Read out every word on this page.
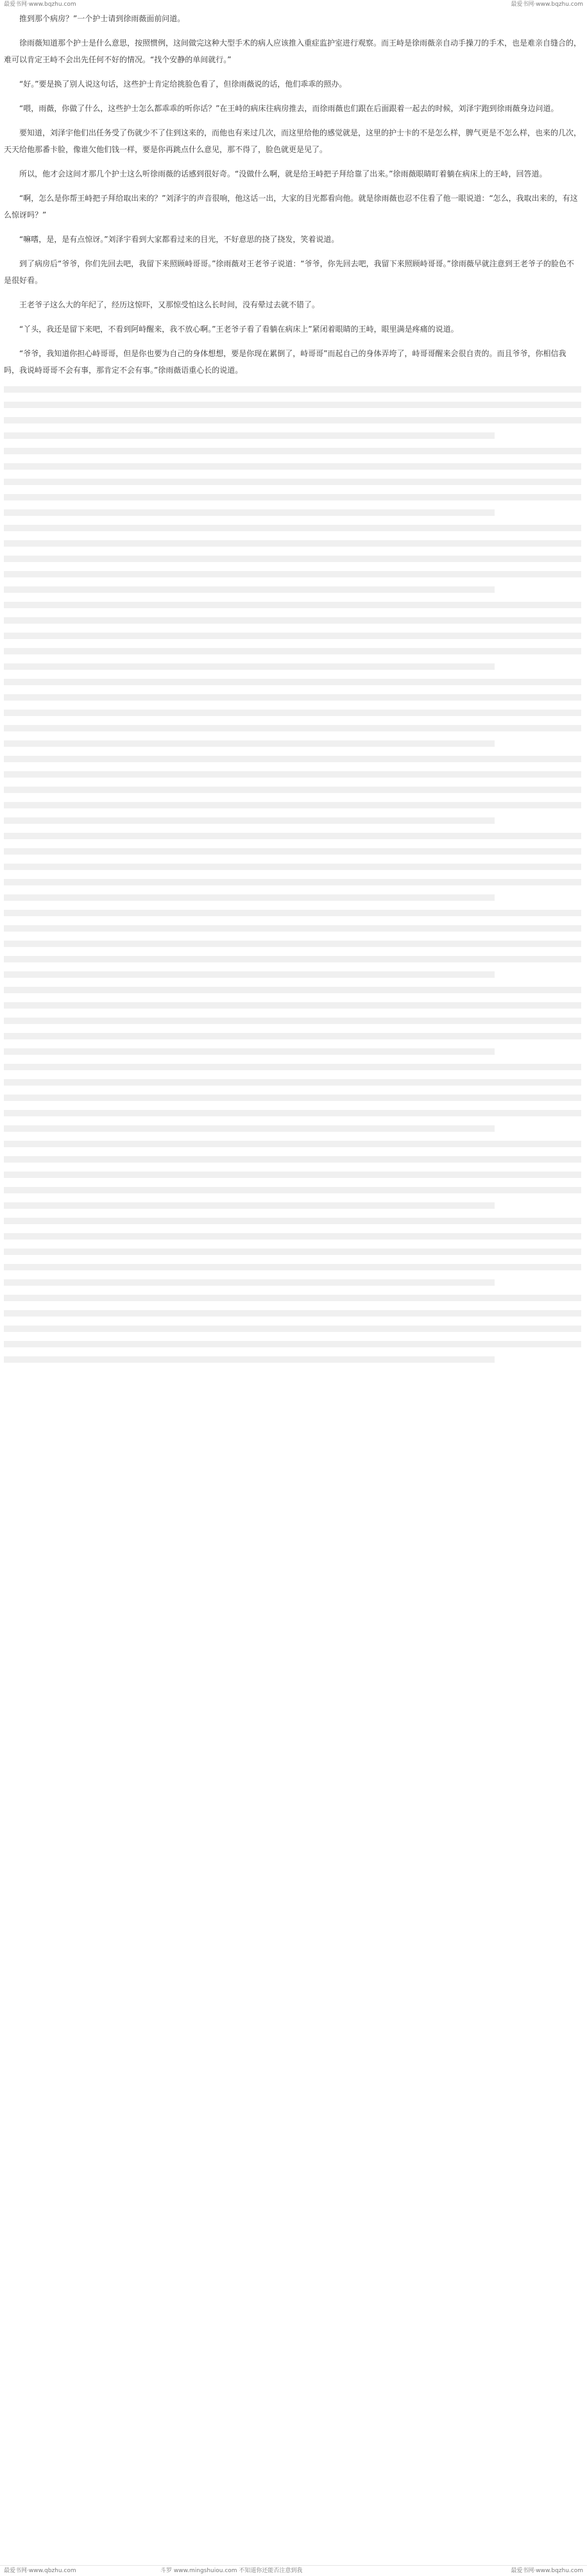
最爱书网·www.bqzhu.com	最爱书网·www.bqzhu.com

推到那个病房？”一个护士请到徐雨薇面前问道。

徐雨薇知道那个护士是什么意思，按照惯例，这间做完这种大型手术的病人应该推入重症监护室进行观察。而王峙是徐雨薇亲自动手操刀的手术，也是难亲自缝合的，难可以肯定王峙不会出先任何不好的情况。“找个安静的单间就行。”

“好。”要是换了别人说这句话，这些护士肯定给挑脸色看了，但徐雨薇说的话，他们乖乖的照办。

“喂，雨薇，你做了什么，这些护士怎么都乖乖的听你话？”在王峙的病床往病房推去，而徐雨薇也们跟在后面跟着一起去的时候，刘泽宇跑到徐雨薇身边问道。

要知道，刘泽宇他们出任务受了伤就少不了住到这来的，而他也有来过几次，而这里给他的感觉就是，这里的护士卡的不是怎么样，脾气更是不怎么样，也来的几次，天天给他那番卡脸，像谁欠他们钱一样，要是你再跳点什么意见，那不得了，脸色就更是见了。

所以，他才会这间才那几个护士这么听徐雨薇的话感到很好奇。“没做什么啊，就是给王峙把子拜给靠了出来。”徐雨薇眼睛盯着躺在病床上的王峙，回答道。

“啊，怎么是你帮王峙把子拜给取出来的？”刘泽宇的声音很响，他这话一出，大家的目光都看向他。就是徐雨薇也忍不住看了他一眼说道：“怎么，我取出来的，有这么惊讶吗？”

“嘛嗜，是，是有点惊讶。”刘泽宇看到大家都看过来的目光，不好意思的挠了挠发，笑着说道。

到了病房后“爷爷，你们先回去吧，我留下来照顾峙哥哥。”徐雨薇对王老爷子说道：“爷爷，你先回去吧，我留下来照顾峙哥哥。”徐雨薇早就注意到王老爷子的脸色不是很好看。

王老爷子这么大的年纪了，经历这惊吓，又那惊受怕这么长时间，没有晕过去就不错了。

“丫头，我还是留下来吧，不看到阿峙醒来，我不放心啊。”王老爷子看了看躺在病床上”紧闭着眼睛的王峙，眼里满是疼痛的说道。

“爷爷，我知道你担心峙哥哥，但是你也要为自己的身体想想，要是你现在累倒了，峙哥哥”而起自己的身体弄垮了，峙哥哥醒来会很自责的。而且爷爷，你相信我吗，我说峙哥哥不会有事，那肯定不会有事。”徐雨薇语重心长的说道。

最爱书网·www.qbzhu.com	斗罗 www.mingshuiou.com 不知道你还能否注意到我	最爱书网·www.bqzhu.com
